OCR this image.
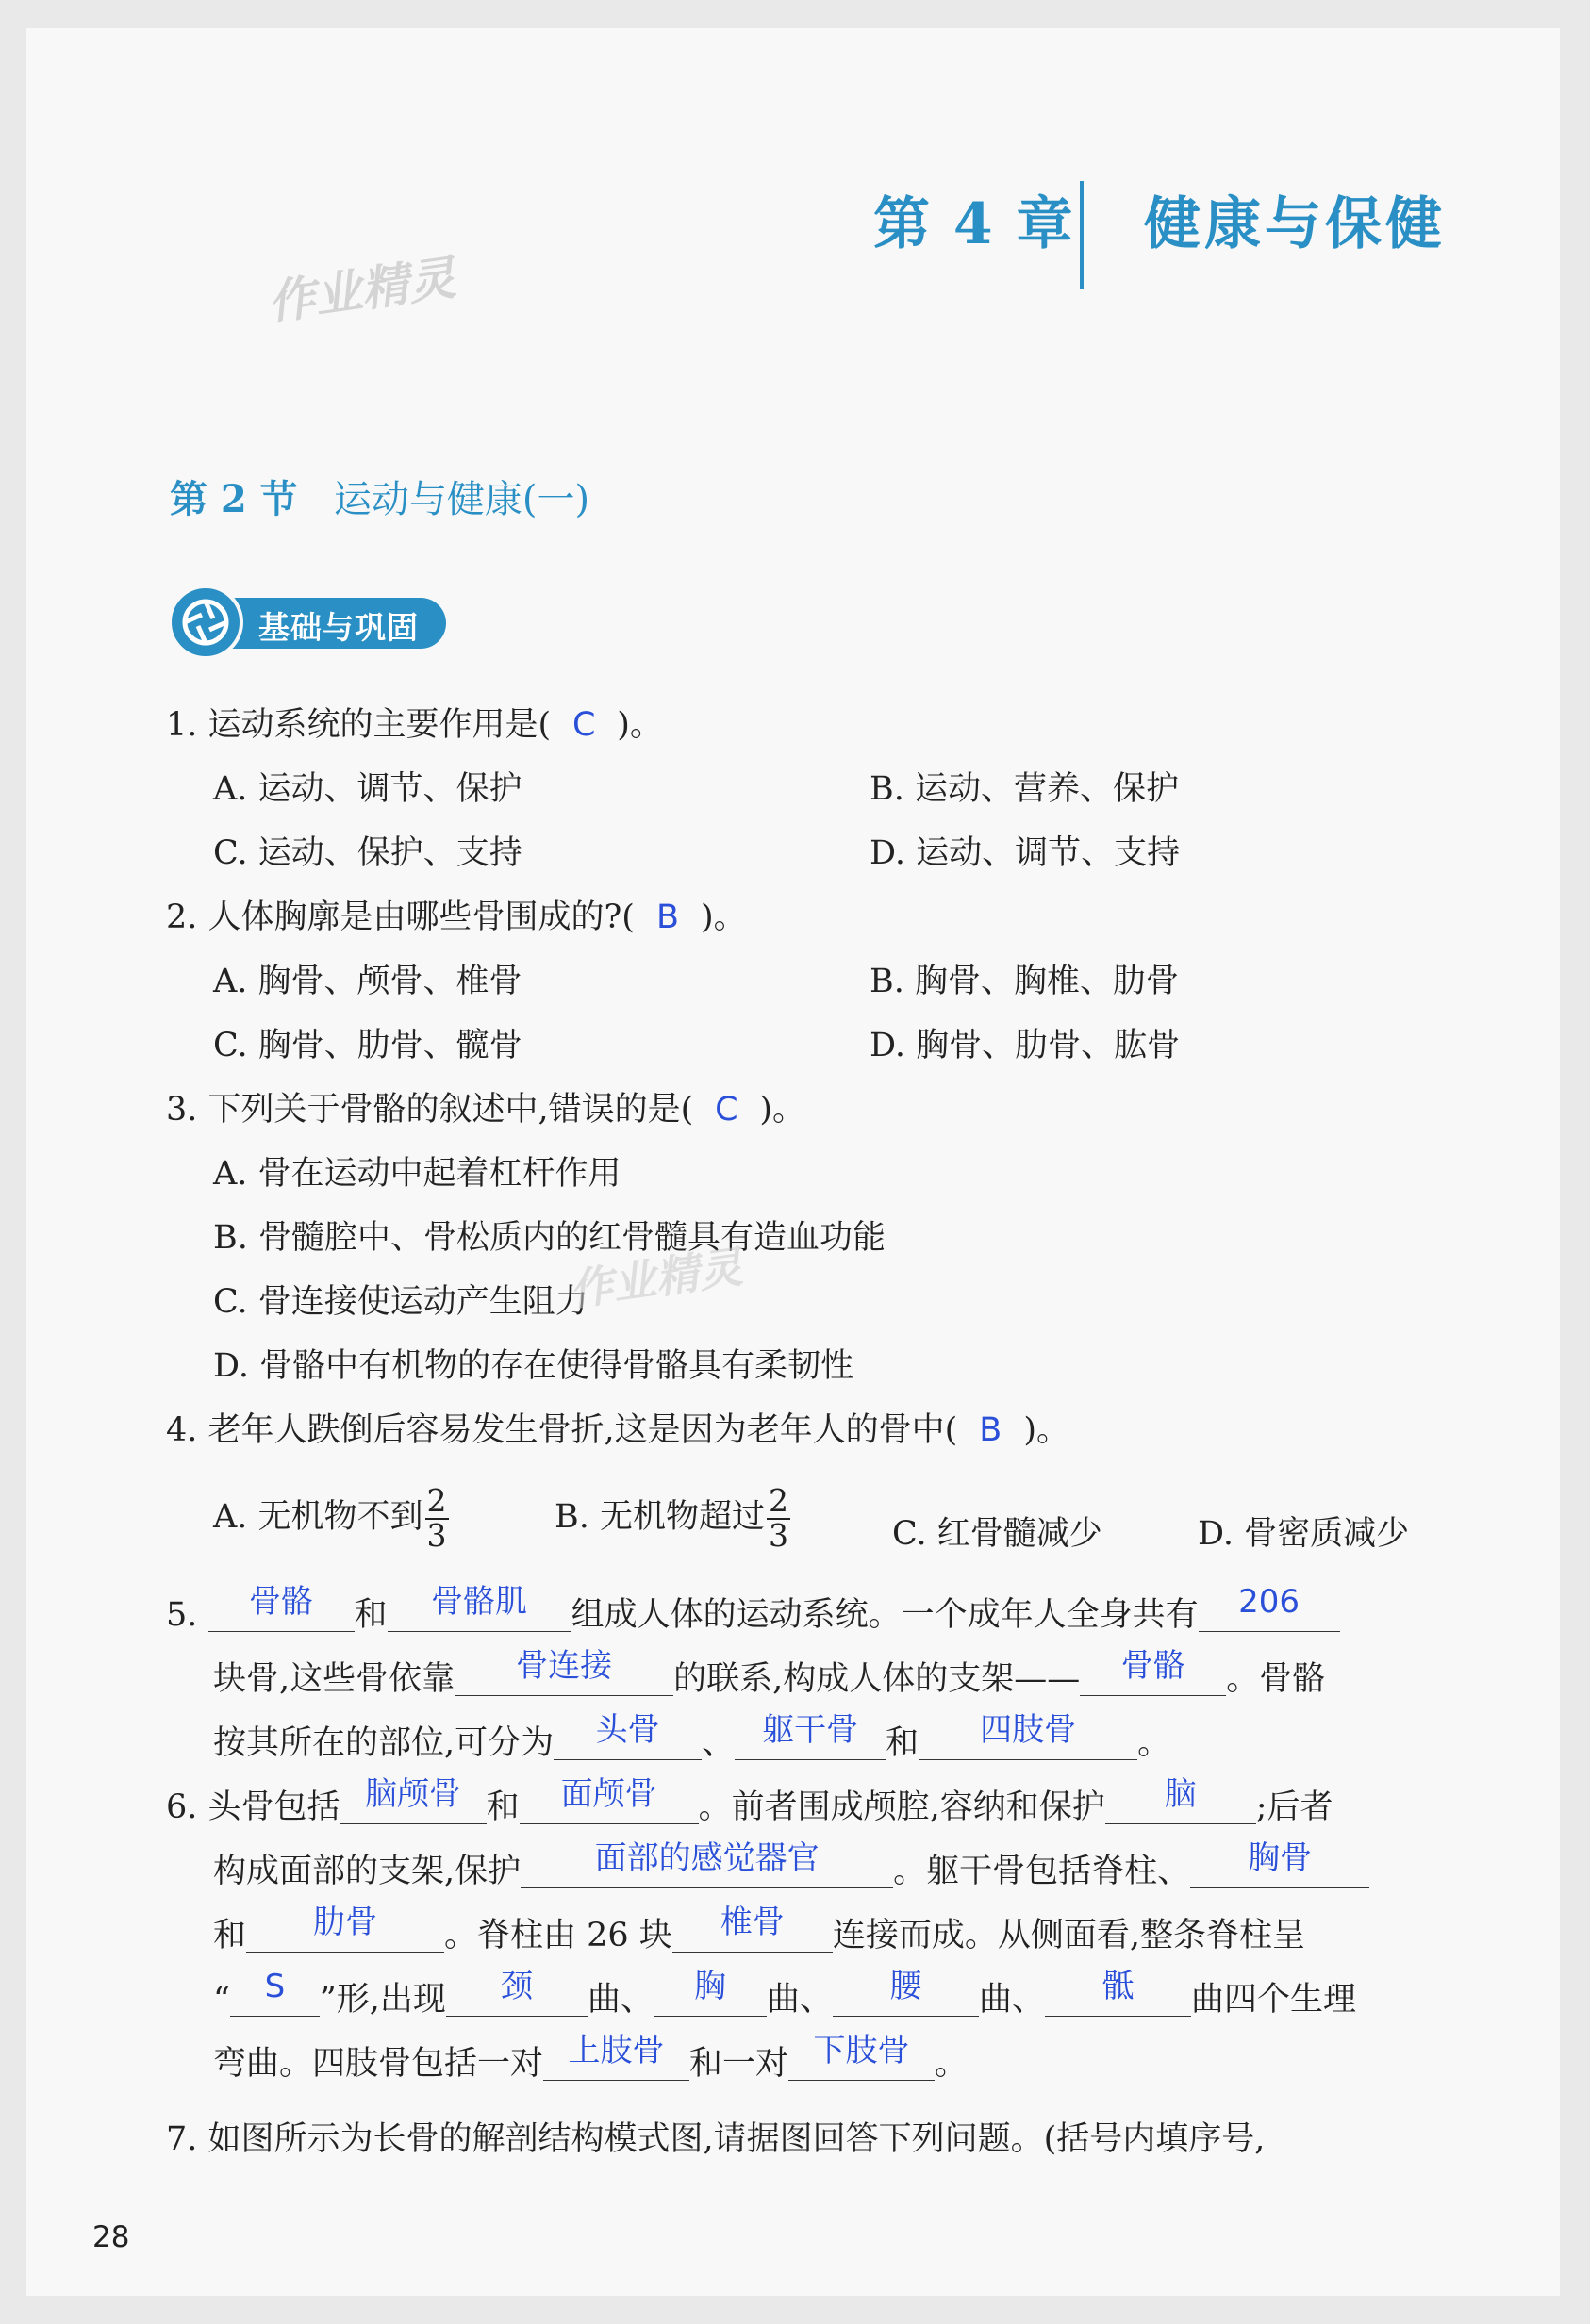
第 4 章 健康与保健
作业精灵
第 2 节 运动与健康(一)
基础与巩固
1. 运动系统的主要作用是( C )。
A. 运动、调节、保护	B. 运动、营养、保护
C. 运动、保护、支持	D. 运动、调节、支持
2. 人体胸廓是由哪些骨围成的?( B )。
A. 胸骨、颅骨、椎骨	B. 胸骨、胸椎、肋骨
C. 胸骨、肋骨、髋骨	D. 胸骨、肋骨、肱骨
3. 下列关于骨骼的叙述中,错误的是( C )。
A. 骨在运动中起着杠杆作用
B. 骨髓腔中、骨松质内的红骨髓具有造血功能
C. 骨连接使运动产生阻力
D. 骨骼中有机物的存在使得骨骼具有柔韧性
作业精灵
4. 老年人跌倒后容易发生骨折,这是因为老年人的骨中( B )。
A. 无机物不到 $\frac{2}{3}$	B. 无机物超过 $\frac{2}{3}$	C. 红骨髓减少	D. 骨密质减少
5. 骨骼 和 骨骼肌 组成人体的运动系统。一个成年人全身共有 206
块骨,这些骨依靠 骨连接 的联系,构成人体的支架—— 骨骼 。骨骼
按其所在的部位,可分为 头骨 、 躯干骨 和 四肢骨 。
6. 头骨包括 脑颅骨 和 面颅骨 。前者围成颅腔,容纳和保护 脑 ;后者
构成面部的支架,保护 面部的感觉器官 。躯干骨包括脊柱、 胸骨
和 肋骨 。脊柱由 26 块 椎骨 连接而成。从侧面看,整条脊柱呈
“ S ”形,出现 颈 曲、 胸 曲、 腰 曲、 骶 曲四个生理
弯曲。四肢骨包括一对 上肢骨 和一对 下肢骨 。
7. 如图所示为长骨的解剖结构模式图,请据图回答下列问题。(括号内填序号,
28
